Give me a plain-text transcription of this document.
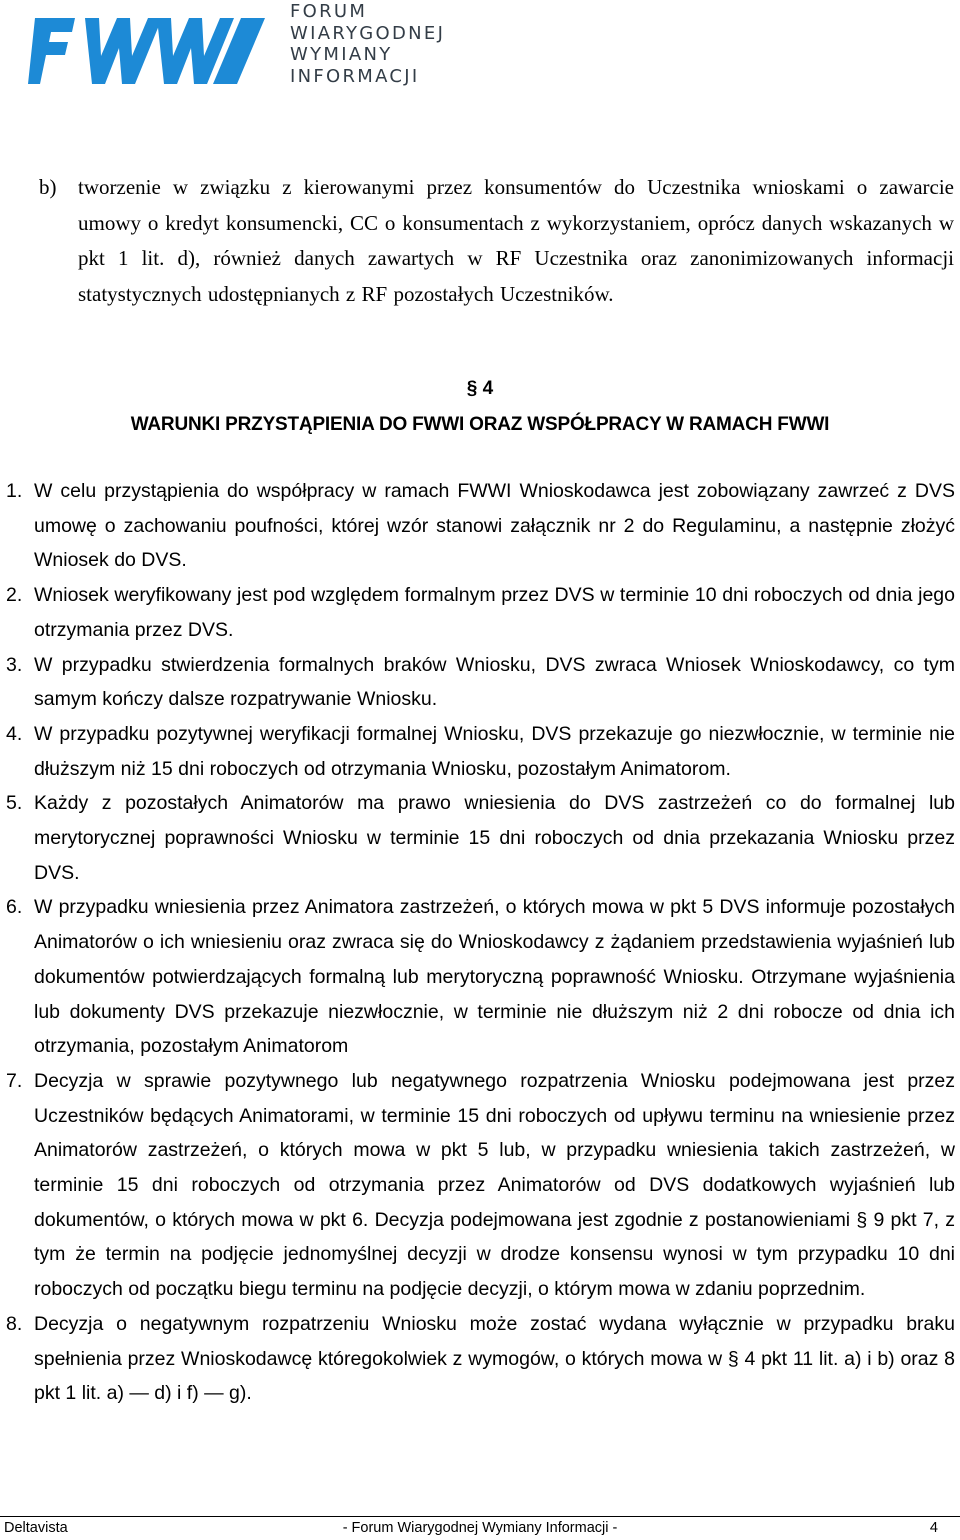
FORUM
WIARYGODNEJ
WYMIANY
INFORMACJI
b) tworzenie w związku z kierowanymi przez konsumentów do Uczestnika wnioskami o zawarcie umowy o kredyt konsumencki, CC o konsumentach z wykorzystaniem, oprócz danych wskazanych w pkt 1 lit. d), również danych zawartych w RF Uczestnika oraz zanonimizowanych informacji statystycznych udostępnianych z RF pozostałych Uczestników.
§ 4
WARUNKI PRZYSTĄPIENIA DO FWWI ORAZ WSPÓŁPRACY W RAMACH FWWI
1. W celu przystąpienia do współpracy w ramach FWWI Wnioskodawca jest zobowiązany zawrzeć z DVS umowę o zachowaniu poufności, której wzór stanowi załącznik nr 2 do Regulaminu, a następnie złożyć Wniosek do DVS.
2. Wniosek weryfikowany jest pod względem formalnym przez DVS w terminie 10 dni roboczych od dnia jego otrzymania przez DVS.
3. W przypadku stwierdzenia formalnych braków Wniosku, DVS zwraca Wniosek Wnioskodawcy, co tym samym kończy dalsze rozpatrywanie Wniosku.
4. W przypadku pozytywnej weryfikacji formalnej Wniosku, DVS przekazuje go niezwłocznie, w terminie nie dłuższym niż 15 dni roboczych od otrzymania Wniosku, pozostałym Animatorom.
5. Każdy z pozostałych Animatorów ma prawo wniesienia do DVS zastrzeżeń co do formalnej lub merytorycznej poprawności Wniosku w terminie 15 dni roboczych od dnia przekazania Wniosku przez DVS.
6. W przypadku wniesienia przez Animatora zastrzeżeń, o których mowa w pkt 5 DVS informuje pozostałych Animatorów o ich wniesieniu oraz zwraca się do Wnioskodawcy z żądaniem przedstawienia wyjaśnień lub dokumentów potwierdzających formalną lub merytoryczną poprawność Wniosku. Otrzymane wyjaśnienia lub dokumenty DVS przekazuje niezwłocznie, w terminie nie dłuższym niż 2 dni robocze od dnia ich otrzymania, pozostałym Animatorom
7. Decyzja w sprawie pozytywnego lub negatywnego rozpatrzenia Wniosku podejmowana jest przez Uczestników będących Animatorami, w terminie 15 dni roboczych od upływu terminu na wniesienie przez Animatorów zastrzeżeń, o których mowa w pkt 5 lub, w przypadku wniesienia takich zastrzeżeń, w terminie 15 dni roboczych od otrzymania przez Animatorów od DVS dodatkowych wyjaśnień lub dokumentów, o których mowa w pkt 6. Decyzja podejmowana jest zgodnie z postanowieniami § 9 pkt 7, z tym że termin na podjęcie jednomyślnej decyzji w drodze konsensu wynosi w tym przypadku 10 dni roboczych od początku biegu terminu na podjęcie decyzji, o którym mowa w zdaniu poprzednim.
8. Decyzja o negatywnym rozpatrzeniu Wniosku może zostać wydana wyłącznie w przypadku braku spełnienia przez Wnioskodawcę któregokolwiek z wymogów, o których mowa w § 4 pkt 11 lit. a) i b) oraz 8 pkt 1 lit. a) — d) i f) — g).
Deltavista	- Forum Wiarygodnej Wymiany Informacji -	4
